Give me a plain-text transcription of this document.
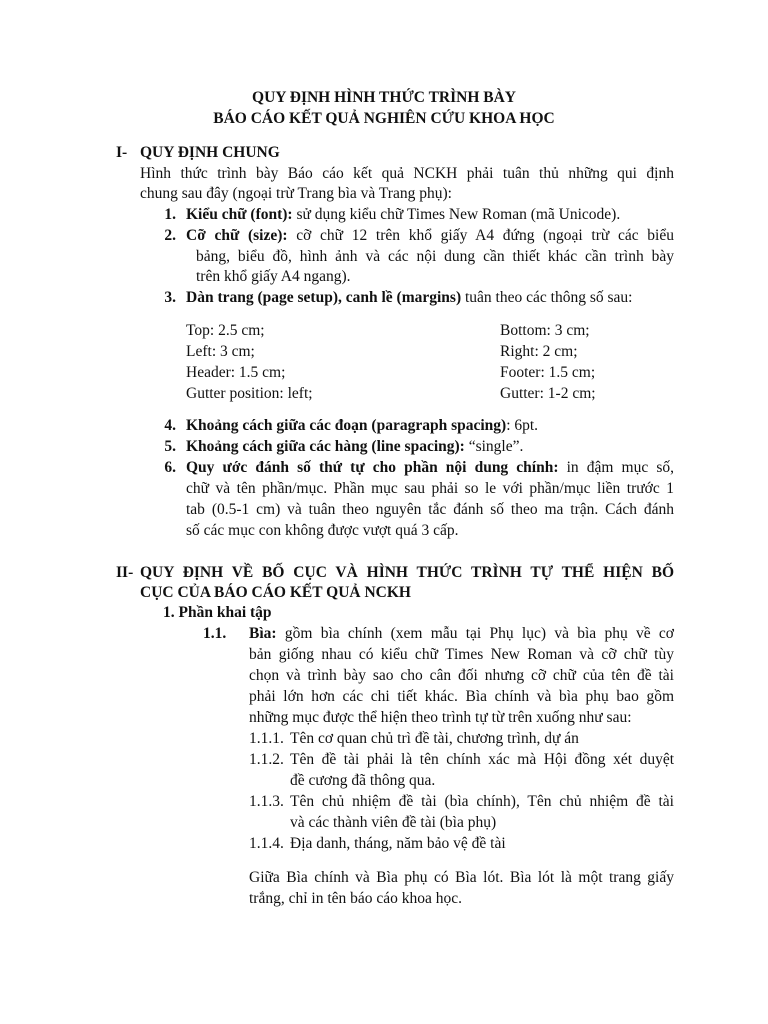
QUY ĐỊNH HÌNH THỨC TRÌNH BÀY
BÁO CÁO KẾT QUẢ NGHIÊN CỨU KHOA HỌC
I- QUY ĐỊNH CHUNG
Hình thức trình bày Báo cáo kết quả NCKH phải tuân thủ những qui định
chung sau đây (ngoại trừ Trang bìa và Trang phụ):
1. Kiểu chữ (font): sử dụng kiểu chữ Times New Roman (mã Unicode).
2. Cỡ chữ (size): cỡ chữ 12 trên khổ giấy A4 đứng (ngoại trừ các biểu
bảng, biểu đồ, hình ảnh và các nội dung cần thiết khác cần trình bày
trên khổ giấy A4 ngang).
3. Dàn trang (page setup), canh lề (margins) tuân theo các thông số sau:
Top: 2.5 cm;	Bottom: 3 cm;
Left: 3 cm;	Right: 2 cm;
Header: 1.5 cm;	Footer: 1.5 cm;
Gutter position: left;	Gutter: 1-2 cm;
4. Khoảng cách giữa các đoạn (paragraph spacing): 6pt.
5. Khoảng cách giữa các hàng (line spacing): “single”.
6. Quy ước đánh số thứ tự cho phần nội dung chính: in đậm mục số,
chữ và tên phần/mục. Phần mục sau phải so le với phần/mục liền trước 1
tab (0.5-1 cm) và tuân theo nguyên tắc đánh số theo ma trận. Cách đánh
số các mục con không được vượt quá 3 cấp.
II- QUY ĐỊNH VỀ BỐ CỤC VÀ HÌNH THỨC TRÌNH TỰ THỂ HIỆN BỐ
CỤC CỦA BÁO CÁO KẾT QUẢ NCKH
1. Phần khai tập
1.1. Bìa: gồm bìa chính (xem mẫu tại Phụ lục) và bìa phụ về cơ
bản giống nhau có kiểu chữ Times New Roman và cỡ chữ tùy
chọn và trình bày sao cho cân đối nhưng cỡ chữ của tên đề tài
phải lớn hơn các chi tiết khác. Bìa chính và bìa phụ bao gồm
những mục được thể hiện theo trình tự từ trên xuống như sau:
1.1.1. Tên cơ quan chủ trì đề tài, chương trình, dự án
1.1.2. Tên đề tài phải là tên chính xác mà Hội đồng xét duyệt
đề cương đã thông qua.
1.1.3. Tên chủ nhiệm đề tài (bìa chính), Tên chủ nhiệm đề tài
và các thành viên đề tài (bìa phụ)
1.1.4. Địa danh, tháng, năm bảo vệ đề tài
Giữa Bìa chính và Bìa phụ có Bìa lót. Bìa lót là một trang giấy
trắng, chỉ in tên báo cáo khoa học.
